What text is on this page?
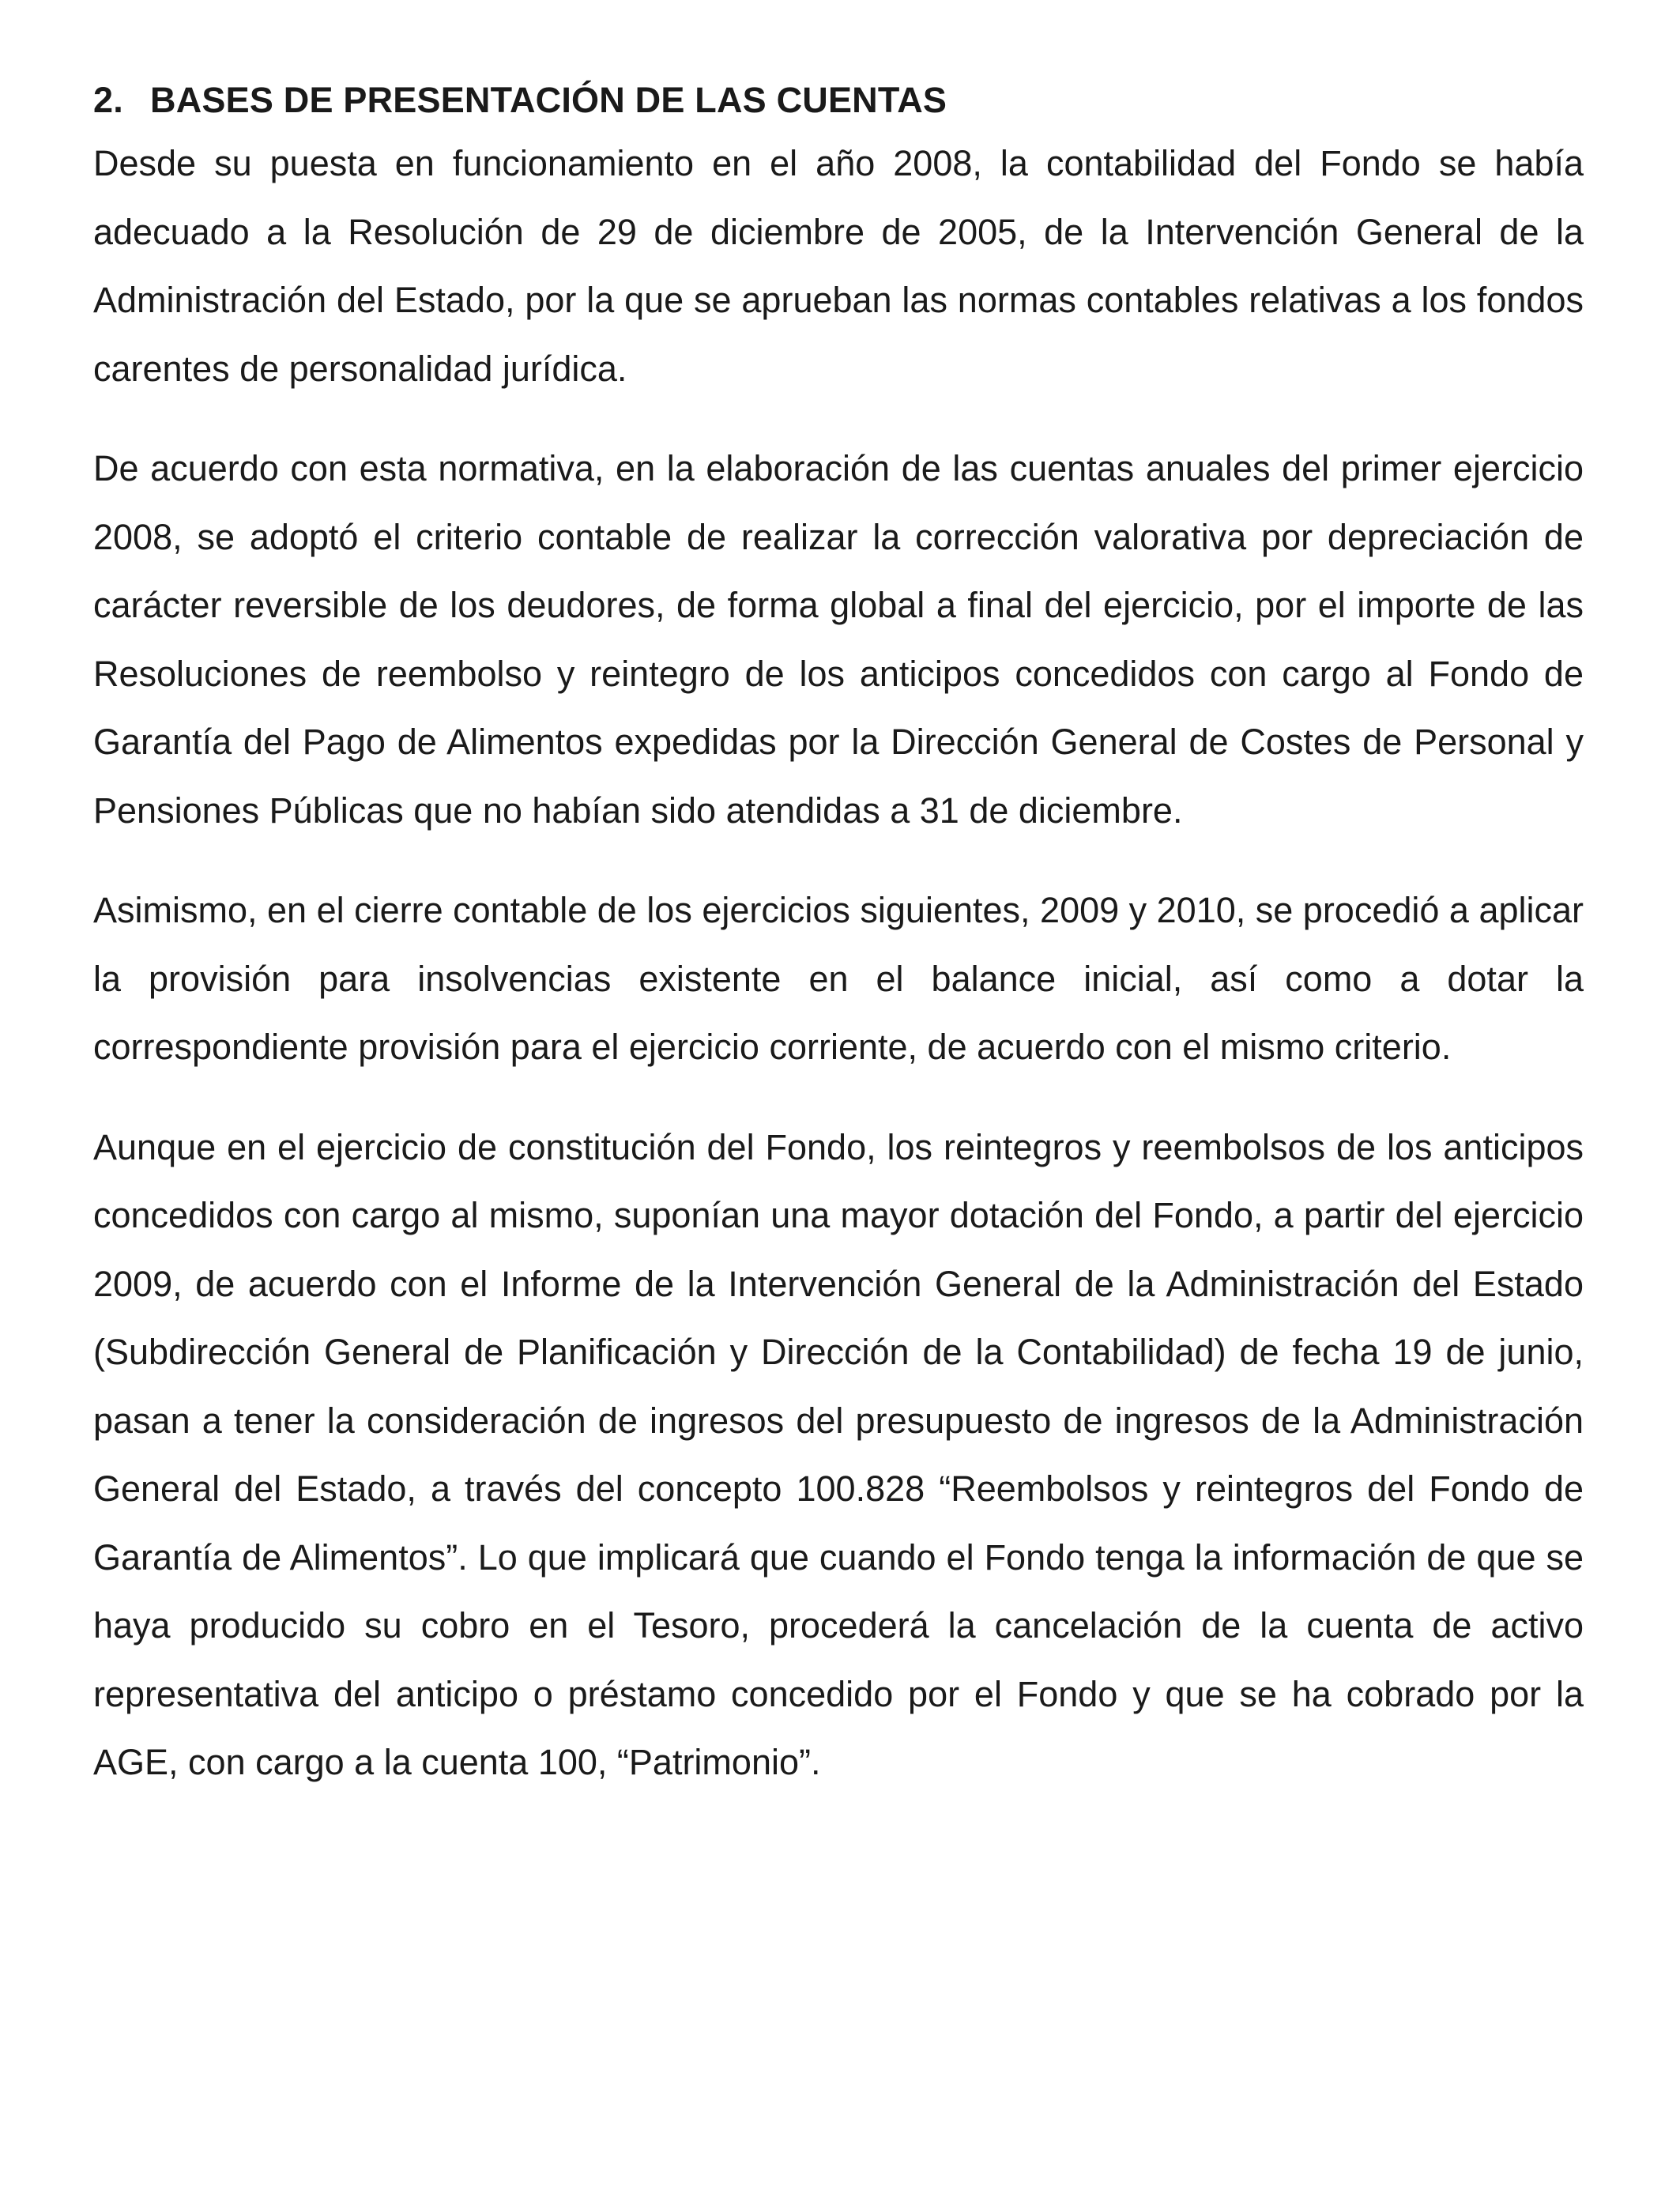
2. BASES DE PRESENTACIÓN DE LAS CUENTAS

Desde su puesta en funcionamiento en el año 2008, la contabilidad del Fondo se había adecuado a la Resolución de 29 de diciembre de 2005, de la Intervención General de la Administración del Estado, por la que se aprueban las normas contables relativas a los fondos carentes de personalidad jurídica.

De acuerdo con esta normativa, en la elaboración de las cuentas anuales del primer ejercicio 2008, se adoptó el criterio contable de realizar la corrección valorativa por depreciación de carácter reversible de los deudores, de forma global a final del ejercicio, por el importe de las Resoluciones de reembolso y reintegro de los anticipos concedidos con cargo al Fondo de Garantía del Pago de Alimentos expedidas por la Dirección General de Costes de Personal y Pensiones Públicas que no habían sido atendidas a 31 de diciembre.

Asimismo, en el cierre contable de los ejercicios siguientes, 2009 y 2010, se procedió a aplicar la provisión para insolvencias existente en el balance inicial, así como a dotar la correspondiente provisión para el ejercicio corriente, de acuerdo con el mismo criterio.

Aunque en el ejercicio de constitución del Fondo, los reintegros y reembolsos de los anticipos concedidos con cargo al mismo, suponían una mayor dotación del Fondo, a partir del ejercicio 2009, de acuerdo con el Informe de la Intervención General de la Administración del Estado (Subdirección General de Planificación y Dirección de la Contabilidad) de fecha 19 de junio, pasan a tener la consideración de ingresos del presupuesto de ingresos de la Administración General del Estado, a través del concepto 100.828 “Reembolsos y reintegros del Fondo de Garantía de Alimentos”. Lo que implicará que cuando el Fondo tenga la información de que se haya producido su cobro en el Tesoro, procederá la cancelación de la cuenta de activo representativa del anticipo o préstamo concedido por el Fondo y que se ha cobrado por la AGE, con cargo a la cuenta 100, “Patrimonio”.
